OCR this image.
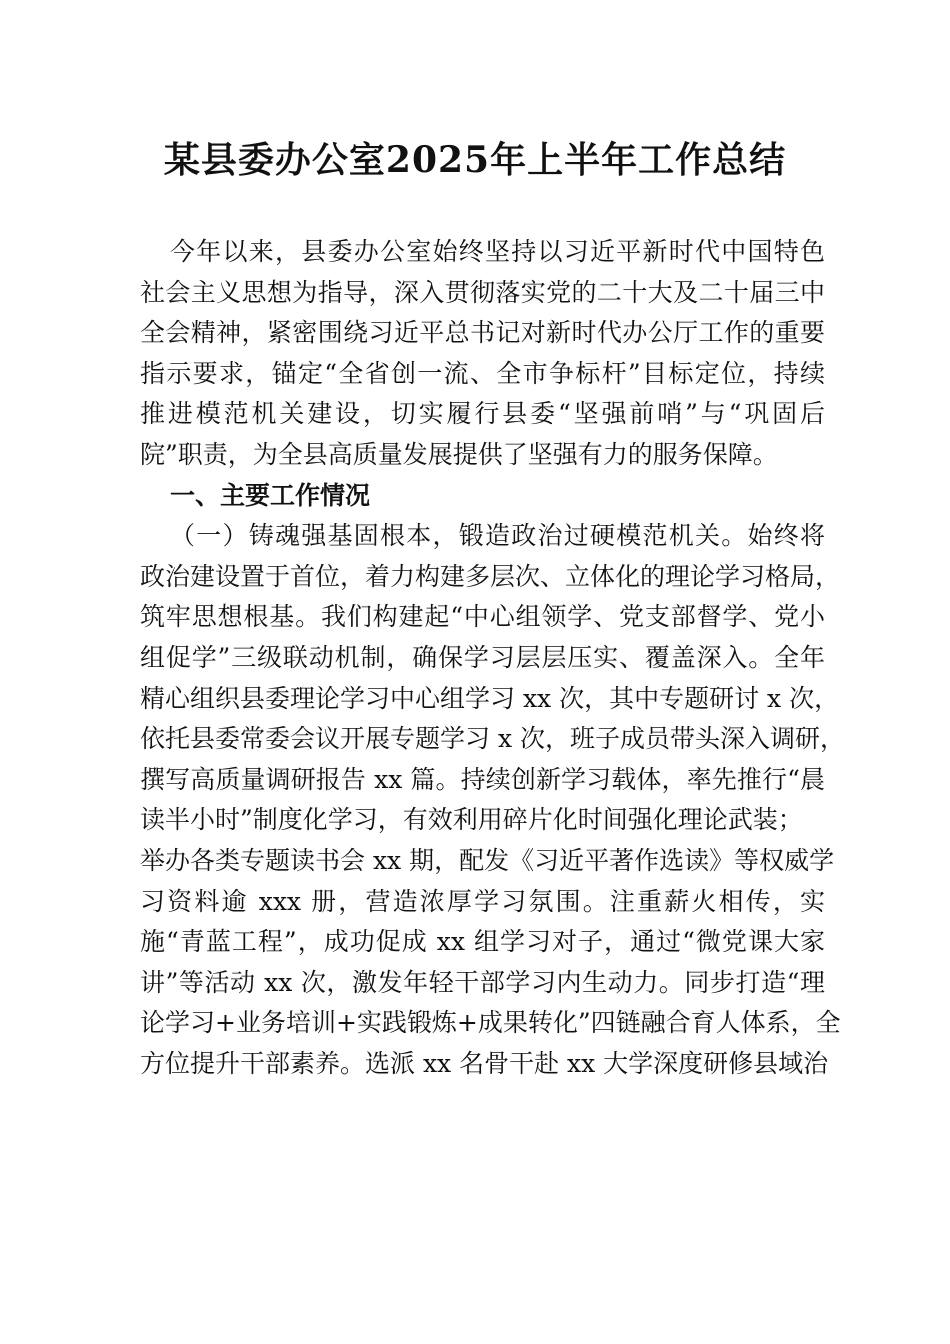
某县委办公室2025年上半年工作总结
今年以来，县委办公室始终坚持以习近平新时代中国特色
社会主义思想为指导，深入贯彻落实党的二十大及二十届三中
全会精神，紧密围绕习近平总书记对新时代办公厅工作的重要
指示要求，锚定“全省创一流、全市争标杆”目标定位，持续
推进模范机关建设，切实履行县委“坚强前哨”与“巩固后
院”职责，为全县高质量发展提供了坚强有力的服务保障。
一、主要工作情况
（一）铸魂强基固根本，锻造政治过硬模范机关。始终将
政治建设置于首位，着力构建多层次、立体化的理论学习格局，
筑牢思想根基。我们构建起“中心组领学、党支部督学、党小
组促学”三级联动机制，确保学习层层压实、覆盖深入。全年
精心组织县委理论学习中心组学习 xx 次，其中专题研讨 x 次，
依托县委常委会议开展专题学习 x 次，班子成员带头深入调研，
撰写高质量调研报告 xx 篇。持续创新学习载体，率先推行“晨
读半小时”制度化学习，有效利用碎片化时间强化理论武装；
举办各类专题读书会 xx 期，配发《习近平著作选读》等权威学
习资料逾 xxx 册，营造浓厚学习氛围。注重薪火相传，实
施“青蓝工程”，成功促成 xx 组学习对子，通过“微党课大家
讲”等活动 xx 次，激发年轻干部学习内生动力。同步打造“理
论学习+业务培训+实践锻炼+成果转化”四链融合育人体系，全
方位提升干部素养。选派 xx 名骨干赴 xx 大学深度研修县域治
